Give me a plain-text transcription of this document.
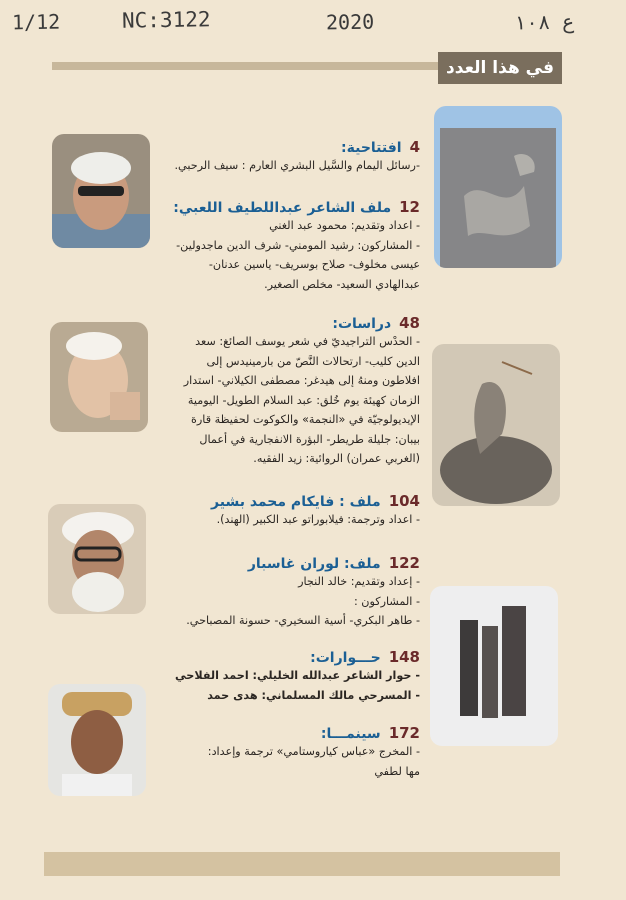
1/12	NC:3122	2020	ع ١٠٨
في هذا العدد
4
افتتاحية:
-رسائل اليمام والسَّيل البشري العارم : سيف الرحبي.
12
ملف الشاعر عبداللطيف اللعبي:
- اعداد وتقديم: محمود عبد الغني
- المشاركون: رشيد المومني- شرف الدين ماجدولين-
عيسى مخلوف- صلاح بوسريف- ياسين عدنان-
عبدالهادي السعيد- مخلص الصغير.
48
دراسات:
- الحدْس التراجيديّ في شعر يوسف الصائغ: سعد
الدين كليب- ارتحالات النَّصّ من بارمينيدس إلى
افلاطون ومنهُ إلى هيدغر: مصطفى الكيلاني- استدار
الزمان كهيئة يوم خُلق: عبد السلام الطويل- اليومية
الإيديولوجيّة في «النجمة» والكوكوت لحفيظة قارة
بيبان: جليلة طريطر- البؤرة الانفجارية في أعمال
(الغربي عمران) الروائية: زيد الفقيه.
104
ملف : فايكام محمد بشير
- اعداد وترجمة: فيلابوراتو عبد الكبير (الهند).
122
ملف: لوران غاسبار
- إعداد وتقديم: خالد النجار
- المشاركون :
- طاهر البكري- أسية السخيري- حسونة المصباحي.
148
حـــوارات:
- حوار الشاعر عبدالله الخليلي: احمد الفلاحي
- المسرحي مالك المسلماني: هدى حمد
172
سينمـــا:
- المخرج «عباس كياروستامي» ترجمة وإعداد:
مها لطفي
